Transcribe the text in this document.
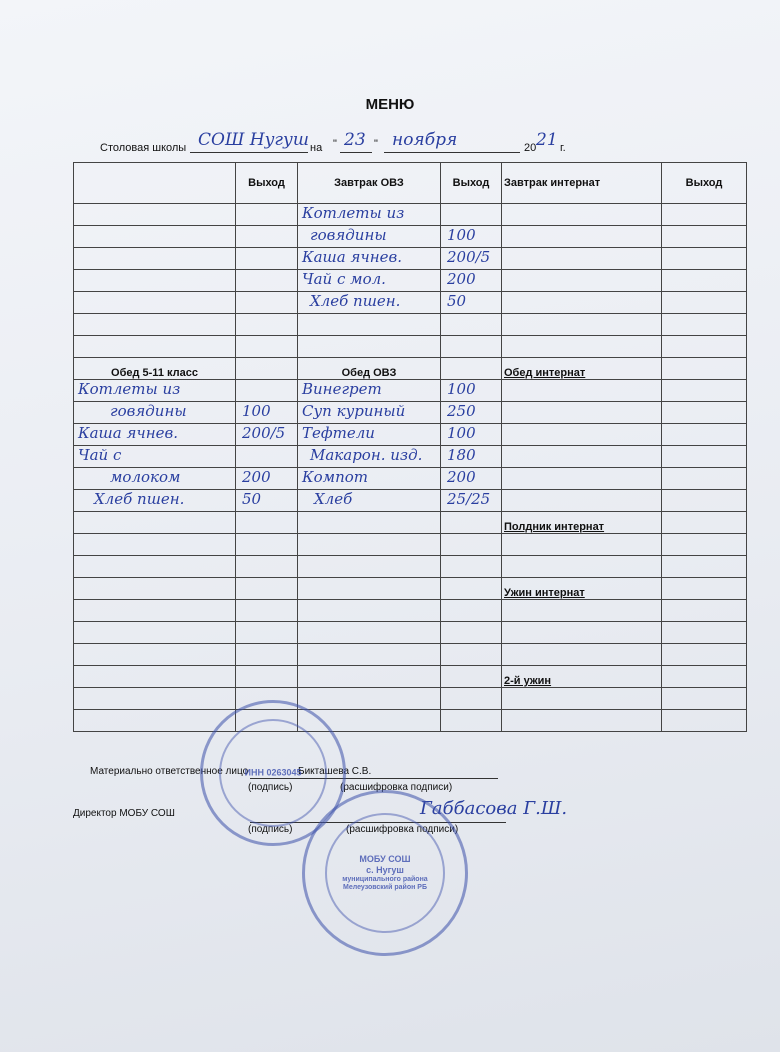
МЕНЮ
Столовая школы СОШ Нугуш на " 23 " ноября	20 21 г.
	Выход	Завтрак ОВЗ	Выход	Завтрак интернат	Выход

		Котлеты из			

		говядины	100		

		Каша ячнев.	200/5		

		Чай с мол.	200		

		Хлеб пшен.	50		

Обед 5-11 класс		Обед ОВЗ		Обед интернат	

Котлеты из		Винегрет	100		

говядины	100	Суп куриный	250		

Каша ячнев.	200/5	Тефтели	100		

Чай с		Макарон. изд.	180		

молоком	200	Компот	200		

Хлеб пшен.	50	Хлеб	25/25		

				Полдник интернат	

				Ужин интернат	

				2-й ужин	

Материально ответственное лицо	Бикташева С.В.
(подпись)	(расшифровка подписи)
Директор МОБУ СОШ	Габбасова Г.Ш.
(подпись)	(расшифровка подписи)
ИНН 0263045
МОБУ СОШ
с. Нугуш
муниципального района
Мелеузовский район РБ
